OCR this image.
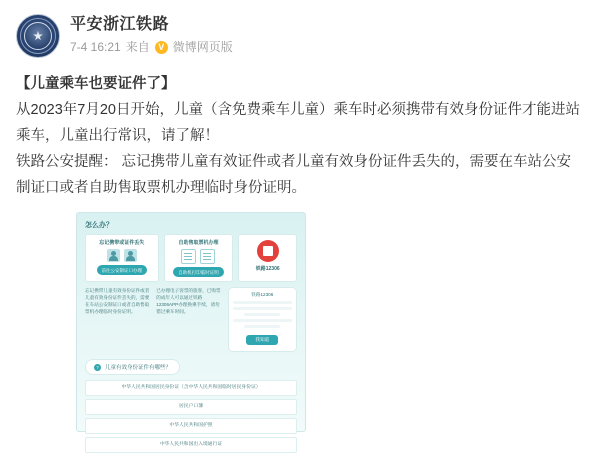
平安浙江铁路
7-4 16:21 来自 V 微博网页版

【儿童乘车也要证件了】

从2023年7月20日开始，儿童（含免费乘车儿童）乘车时必须携带有效身份证件才能进站乘车，儿童出行常识，请了解！

铁路公安提醒： 忘记携带儿童有效证件或者儿童有效身份证件丢失的，需要在车站公安制证口或者自助售取票机办理临时身份证明。

怎么办？
忘记携带或证件丢失
前往公安制证口办理
自助售取票机办理
自助机打印临时证明	铁路12306
忘记携带儿童有效身份证件或者儿童有效身份证件丢失的，需要在车站公安制证口或者自助售取票机办理临时身份证明。
已办理电子客票的旅客，已购票的成年人可以通过铁路12306APP办理换乘手续，请勿错过乘车时间。
铁路12306
我知道
? 儿童有效身份证件有哪些？
中华人民共和国居民身份证（含中华人民共和国临时居民身份证）
居民户口簿
中华人民共和国护照
中华人民共和国出入境通行证
